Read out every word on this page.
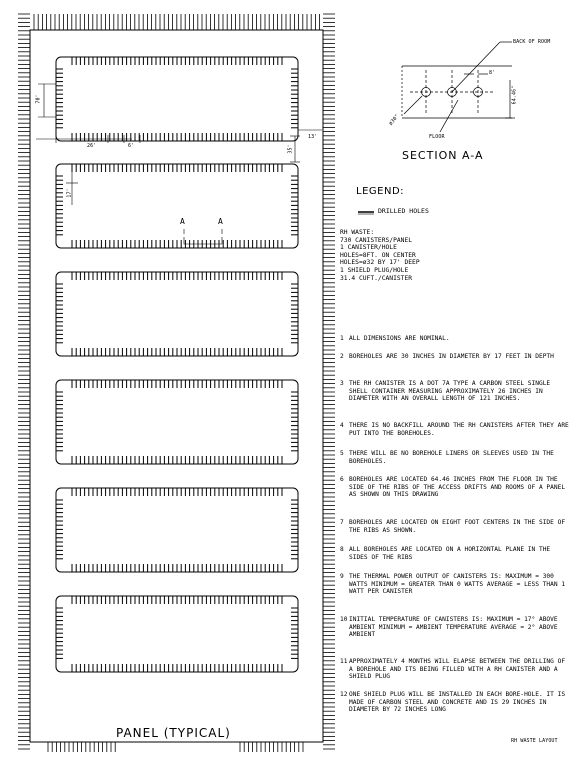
PANEL (TYPICAL)
RH WASTE LAYOUT
A	A
70'
26'	6'	35'
13'
17'
BACK OF ROOM
8'
64.46"
ø30"
FLOOR
SECTION A-A
LEGEND:
DRILLED HOLES
RH WASTE:
730 CANISTERS/PANEL
1 CANISTER/HOLE
HOLES=8FT. ON CENTER
HOLES=ø32 BY 17' DEEP
1 SHIELD PLUG/HOLE
31.4 CUFT./CANISTER
1 ALL DIMENSIONS ARE NOMINAL.
2 BOREHOLES ARE 30 INCHES IN DIAMETER BY 17 FEET IN DEPTH
3 THE RH CANISTER IS A DOT 7A TYPE A CARBON STEEL SINGLE SHELL CONTAINER MEASURING APPROXIMATELY 26 INCHES IN DIAMETER WITH AN OVERALL LENGTH OF 121 INCHES.
4 THERE IS NO BACKFILL AROUND THE RH CANISTERS AFTER THEY ARE PUT INTO THE BOREHOLES.
5 THERE WILL BE NO BOREHOLE LINERS OR SLEEVES USED IN THE BOREHOLES.
6 BOREHOLES ARE LOCATED 64.46 INCHES FROM THE FLOOR IN THE SIDE OF THE RIBS OF THE ACCESS DRIFTS AND ROOMS OF A PANEL AS SHOWN ON THIS DRAWING
7 BOREHOLES ARE LOCATED ON EIGHT FOOT CENTERS IN THE SIDE OF THE RIBS AS SHOWN.
8 ALL BOREHOLES ARE LOCATED ON A HORIZONTAL PLANE IN THE SIDES OF THE RIBS
9 THE THERMAL POWER OUTPUT OF CANISTERS IS: MAXIMUM = 300 WATTS MINIMUM = GREATER THAN 0 WATTS AVERAGE = LESS THAN 1 WATT PER CANISTER
10 INITIAL TEMPERATURE OF CANISTERS IS: MAXIMUM = 17° ABOVE AMBIENT MINIMUM = AMBIENT TEMPERATURE AVERAGE = 2° ABOVE AMBIENT
11 APPROXIMATELY 4 MONTHS WILL ELAPSE BETWEEN THE DRILLING OF A BOREHOLE AND ITS BEING FILLED WITH A RH CANISTER AND A SHIELD PLUG
12 ONE SHIELD PLUG WILL BE INSTALLED IN EACH BORE-HOLE. IT IS MADE OF CARBON STEEL AND CONCRETE AND IS 29 INCHES IN DIAMETER BY 72 INCHES LONG
